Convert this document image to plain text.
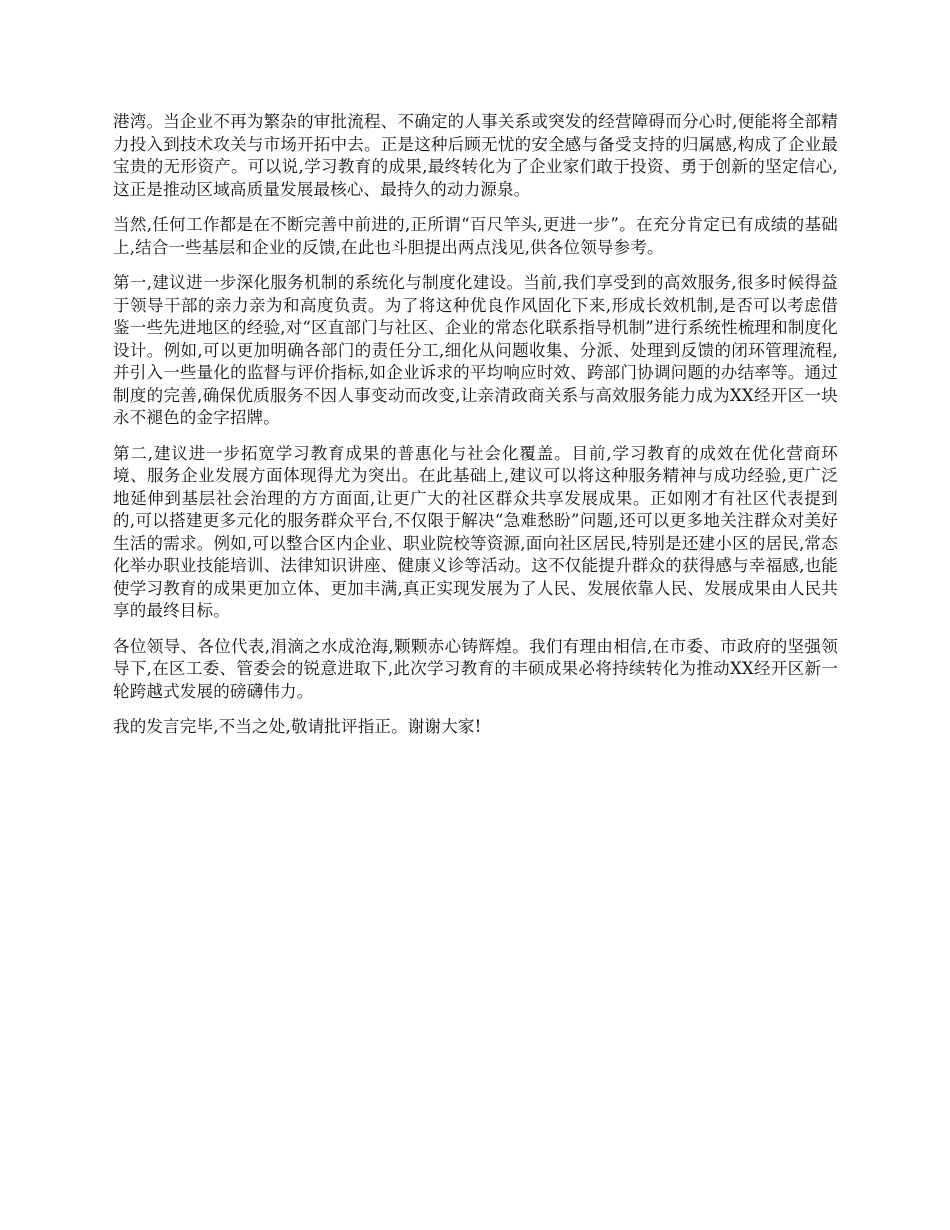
港湾。当企业不再为繁杂的审批流程、不确定的人事关系或突发的经营障碍而分心时,便能将全部精力投入到技术攻关与市场开拓中去。正是这种后顾无忧的安全感与备受支持的归属感,构成了企业最宝贵的无形资产。可以说,学习教育的成果,最终转化为了企业家们敢于投资、勇于创新的坚定信心,这正是推动区域高质量发展最核心、最持久的动力源泉。

当然,任何工作都是在不断完善中前进的,正所谓“百尺竿头,更进一步”。在充分肯定已有成绩的基础上,结合一些基层和企业的反馈,在此也斗胆提出两点浅见,供各位领导参考。

第一,建议进一步深化服务机制的系统化与制度化建设。当前,我们享受到的高效服务,很多时候得益于领导干部的亲力亲为和高度负责。为了将这种优良作风固化下来,形成长效机制,是否可以考虑借鉴一些先进地区的经验,对“区直部门与社区、企业的常态化联系指导机制”进行系统性梳理和制度化设计。例如,可以更加明确各部门的责任分工,细化从问题收集、分派、处理到反馈的闭环管理流程,并引入一些量化的监督与评价指标,如企业诉求的平均响应时效、跨部门协调问题的办结率等。通过制度的完善,确保优质服务不因人事变动而改变,让亲清政商关系与高效服务能力成为XX经开区一块永不褪色的金字招牌。

第二,建议进一步拓宽学习教育成果的普惠化与社会化覆盖。目前,学习教育的成效在优化营商环境、服务企业发展方面体现得尤为突出。在此基础上,建议可以将这种服务精神与成功经验,更广泛地延伸到基层社会治理的方方面面,让更广大的社区群众共享发展成果。正如刚才有社区代表提到的,可以搭建更多元化的服务群众平台,不仅限于解决“急难愁盼”问题,还可以更多地关注群众对美好生活的需求。例如,可以整合区内企业、职业院校等资源,面向社区居民,特别是还建小区的居民,常态化举办职业技能培训、法律知识讲座、健康义诊等活动。这不仅能提升群众的获得感与幸福感,也能使学习教育的成果更加立体、更加丰满,真正实现发展为了人民、发展依靠人民、发展成果由人民共享的最终目标。

各位领导、各位代表,涓滴之水成沧海,颗颗赤心铸辉煌。我们有理由相信,在市委、市政府的坚强领导下,在区工委、管委会的锐意进取下,此次学习教育的丰硕成果必将持续转化为推动XX经开区新一轮跨越式发展的磅礴伟力。

我的发言完毕,不当之处,敬请批评指正。谢谢大家!
